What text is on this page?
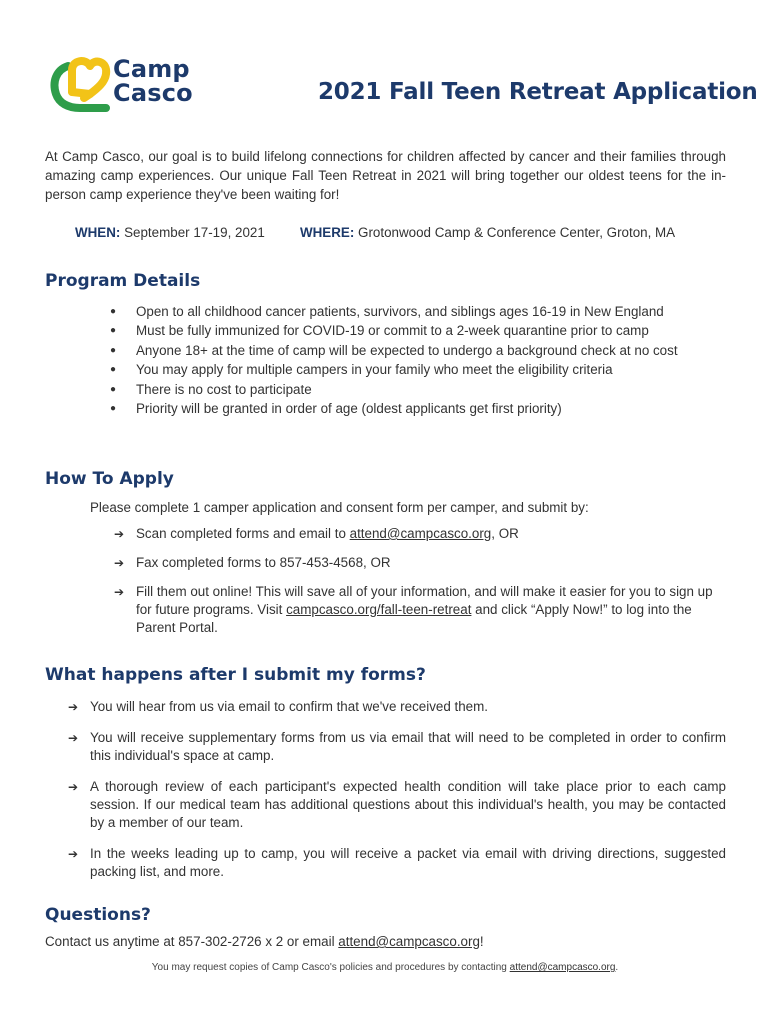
Camp
Casco	2021 Fall Teen Retreat Application

At Camp Casco, our goal is to build lifelong connections for children affected by cancer and their families through amazing camp experiences. Our unique Fall Teen Retreat in 2021 will bring together our oldest teens for the in-person camp experience they've been waiting for!

WHEN: September 17-19, 2021	WHERE: Grotonwood Camp & Conference Center, Groton, MA
Program Details
● Open to all childhood cancer patients, survivors, and siblings ages 16-19 in New England
● Must be fully immunized for COVID-19 or commit to a 2-week quarantine prior to camp
● Anyone 18+ at the time of camp will be expected to undergo a background check at no cost
● You may apply for multiple campers in your family who meet the eligibility criteria
● There is no cost to participate
● Priority will be granted in order of age (oldest applicants get first priority)
How To Apply

Please complete 1 camper application and consent form per camper, and submit by:

➔ Scan completed forms and email to attend@campcasco.org, OR
➔ Fax completed forms to 857-453-4568, OR
➔ Fill them out online! This will save all of your information, and will make it easier for you to sign up for future programs. Visit campcasco.org/fall-teen-retreat and click “Apply Now!” to log into the Parent Portal.
What happens after I submit my forms?
➔ You will hear from us via email to confirm that we've received them.
➔ You will receive supplementary forms from us via email that will need to be completed in order to confirm this individual's space at camp.
➔ A thorough review of each participant's expected health condition will take place prior to each camp session. If our medical team has additional questions about this individual's health, you may be contacted by a member of our team.
➔ In the weeks leading up to camp, you will receive a packet via email with driving directions, suggested packing list, and more.
Questions?

Contact us anytime at 857-302-2726 x 2 or email attend@campcasco.org!

You may request copies of Camp Casco's policies and procedures by contacting attend@campcasco.org.
